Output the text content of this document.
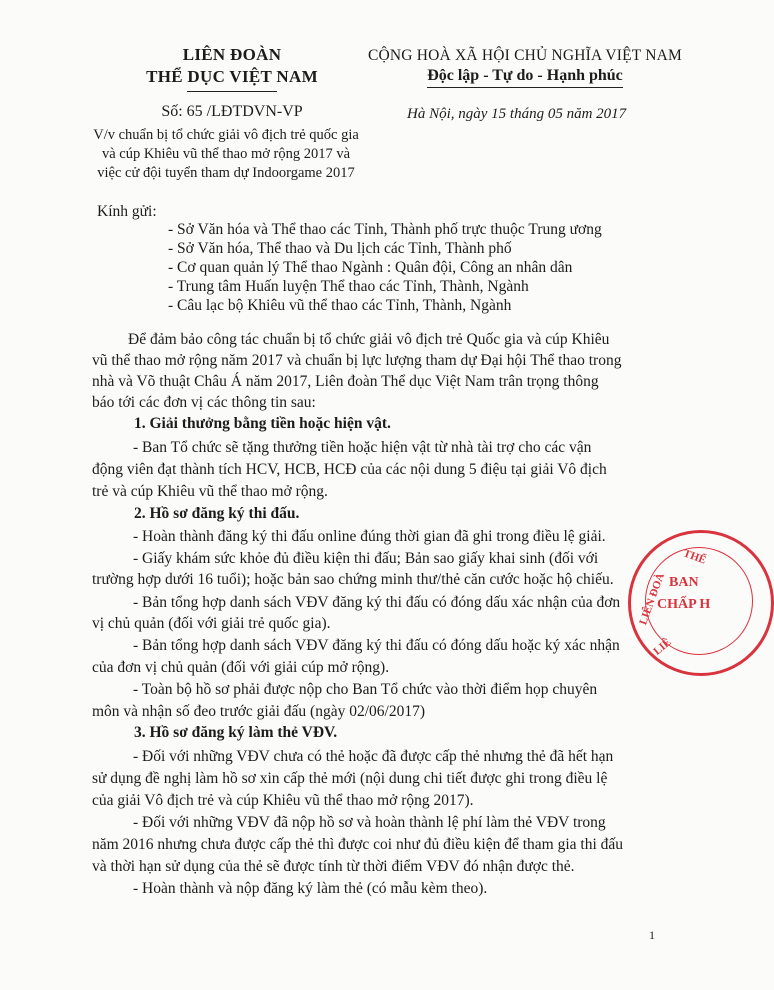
LIÊN ĐOÀN
THỂ DỤC VIỆT NAM
Số: 65 /LĐTDVN-VP
V/v chuẩn bị tổ chức giải vô địch trẻ quốc gia
và cúp Khiêu vũ thể thao mở rộng 2017 và
việc cử đội tuyển tham dự Indoorgame 2017
CỘNG HOÀ XÃ HỘI CHỦ NGHĨA VIỆT NAM
Độc lập - Tự do - Hạnh phúc
Hà Nội, ngày 15 tháng 05 năm 2017
Kính gửi:
- Sở Văn hóa và Thể thao các Tỉnh, Thành phố trực thuộc Trung ương
- Sở Văn hóa, Thể thao và Du lịch các Tỉnh, Thành phố
- Cơ quan quản lý Thể thao Ngành : Quân đội, Công an nhân dân
- Trung tâm Huấn luyện Thể thao các Tỉnh, Thành, Ngành
- Câu lạc bộ Khiêu vũ thể thao các Tỉnh, Thành, Ngành
Để đảm bảo công tác chuẩn bị tổ chức giải vô địch trẻ Quốc gia và cúp Khiêu
vũ thể thao mở rộng năm 2017 và chuẩn bị lực lượng tham dự Đại hội Thể thao trong
nhà và Võ thuật Châu Á năm 2017, Liên đoàn Thể dục Việt Nam trân trọng thông
báo tới các đơn vị các thông tin sau:
1. Giải thưởng bằng tiền hoặc hiện vật.
- Ban Tổ chức sẽ tặng thưởng tiền hoặc hiện vật từ nhà tài trợ cho các vận
động viên đạt thành tích HCV, HCB, HCĐ của các nội dung 5 điệu tại giải Vô địch
trẻ và cúp Khiêu vũ thể thao mở rộng.
2. Hồ sơ đăng ký thi đấu.
- Hoàn thành đăng ký thi đấu online đúng thời gian đã ghi trong điều lệ giải.
- Giấy khám sức khỏe đủ điều kiện thi đấu; Bản sao giấy khai sinh (đối với
trường hợp dưới 16 tuổi); hoặc bản sao chứng minh thư/thẻ căn cước hoặc hộ chiếu.
- Bản tổng hợp danh sách VĐV đăng ký thi đấu có đóng dấu xác nhận của đơn
vị chủ quản (đối với giải trẻ quốc gia).
- Bản tổng hợp danh sách VĐV đăng ký thi đấu có đóng dấu hoặc ký xác nhận
của đơn vị chủ quản (đối với giải cúp mở rộng).
- Toàn bộ hồ sơ phải được nộp cho Ban Tổ chức vào thời điểm họp chuyên
môn và nhận số đeo trước giải đấu (ngày 02/06/2017)
3. Hồ sơ đăng ký làm thẻ VĐV.
- Đối với những VĐV chưa có thẻ hoặc đã được cấp thẻ nhưng thẻ đã hết hạn
sử dụng đề nghị làm hồ sơ xin cấp thẻ mới (nội dung chi tiết được ghi trong điều lệ
của giải Vô địch trẻ và cúp Khiêu vũ thể thao mở rộng 2017).
- Đối với những VĐV đã nộp hồ sơ và hoàn thành lệ phí làm thẻ VĐV trong
năm 2016 nhưng chưa được cấp thẻ thì được coi như đủ điều kiện để tham gia thi đấu
và thời hạn sử dụng của thẻ sẽ được tính từ thời điểm VĐV đó nhận được thẻ.
- Hoàn thành và nộp đăng ký làm thẻ (có mẫu kèm theo).
THỂ
LIÊN ĐOÀ
LIÊ
BAN
CHẤP H
1
